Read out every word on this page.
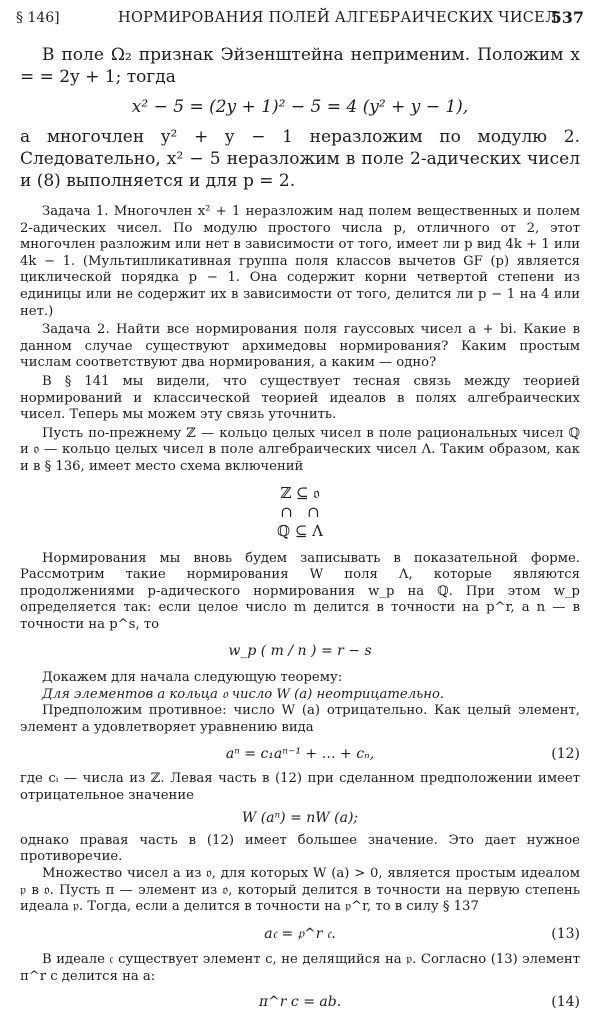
§ 146]	НОРМИРОВАНИЯ ПОЛЕЙ АЛГЕБРАИЧЕСКИХ ЧИСЕЛ
537

В поле Ω₂ признак Эйзенштейна неприменим. Положим x = = 2y + 1; тогда

x² − 5 = (2y + 1)² − 5 = 4 (y² + y − 1),

а многочлен y² + y − 1 неразложим по модулю 2. Следовательно, x² − 5 неразложим в поле 2-адических чисел и (8) выполняется и для p = 2.

Задача 1. Многочлен x² + 1 неразложим над полем вещественных и полем 2-адических чисел. По модулю простого числа p, отличного от 2, этот многочлен разложим или нет в зависимости от того, имеет ли p вид 4k + 1 или 4k − 1. (Мультипликативная группа поля классов вычетов GF (p) является циклической порядка p − 1. Она содержит корни четвертой степени из единицы или не содержит их в зависимости от того, делится ли p − 1 на 4 или нет.)

Задача 2. Найти все нормирования поля гауссовых чисел a + bi. Какие в данном случае существуют архимедовы нормирования? Каким простым числам соответствуют два нормирования, а каким — одно?

В § 141 мы видели, что существует тесная связь между теорией нормирований и классической теорией идеалов в полях алгебраических чисел. Теперь мы можем эту связь уточнить.

Пусть по-прежнему ℤ — кольцо целых чисел в поле рациональных чисел ℚ и 𝔬 — кольцо целых чисел в поле алгебраических чисел Λ. Таким образом, как и в § 136, имеет место схема включений

ℤ ⊆ 𝔬
∩   ∩
ℚ ⊆ Λ

Нормирования мы вновь будем записывать в показательной форме. Рассмотрим такие нормирования W поля Λ, которые являются продолжениями p-адического нормирования w_p на ℚ. При этом w_p определяется так: если целое число m делится в точности на p^r, а n — в точности на p^s, то

w_p ( m / n ) = r − s

Докажем для начала следующую теорему:

Для элементов a кольца 𝔬 число W (a) неотрицательно.

Предположим противное: число W (a) отрицательно. Как целый элемент, элемент a удовлетворяет уравнению вида

aⁿ = c₁aⁿ⁻¹ + … + cₙ,	(12)

где cᵢ — числа из ℤ. Левая часть в (12) при сделанном предположении имеет отрицательное значение

W (aⁿ) = nW (a);

однако правая часть в (12) имеет большее значение. Это дает нужное противоречие.

Множество чисел a из 𝔬, для которых W (a) > 0, является простым идеалом 𝔭 в 𝔬. Пусть π — элемент из 𝔬, который делится в точности на первую степень идеала 𝔭. Тогда, если a делится в точности на 𝔭^r, то в силу § 137

a𝔠 = 𝔭^r 𝔠.	(13)

В идеале 𝔠 существует элемент c, не делящийся на 𝔭. Согласно (13) элемент π^r c делится на a:

π^r c = ab.	(14)
